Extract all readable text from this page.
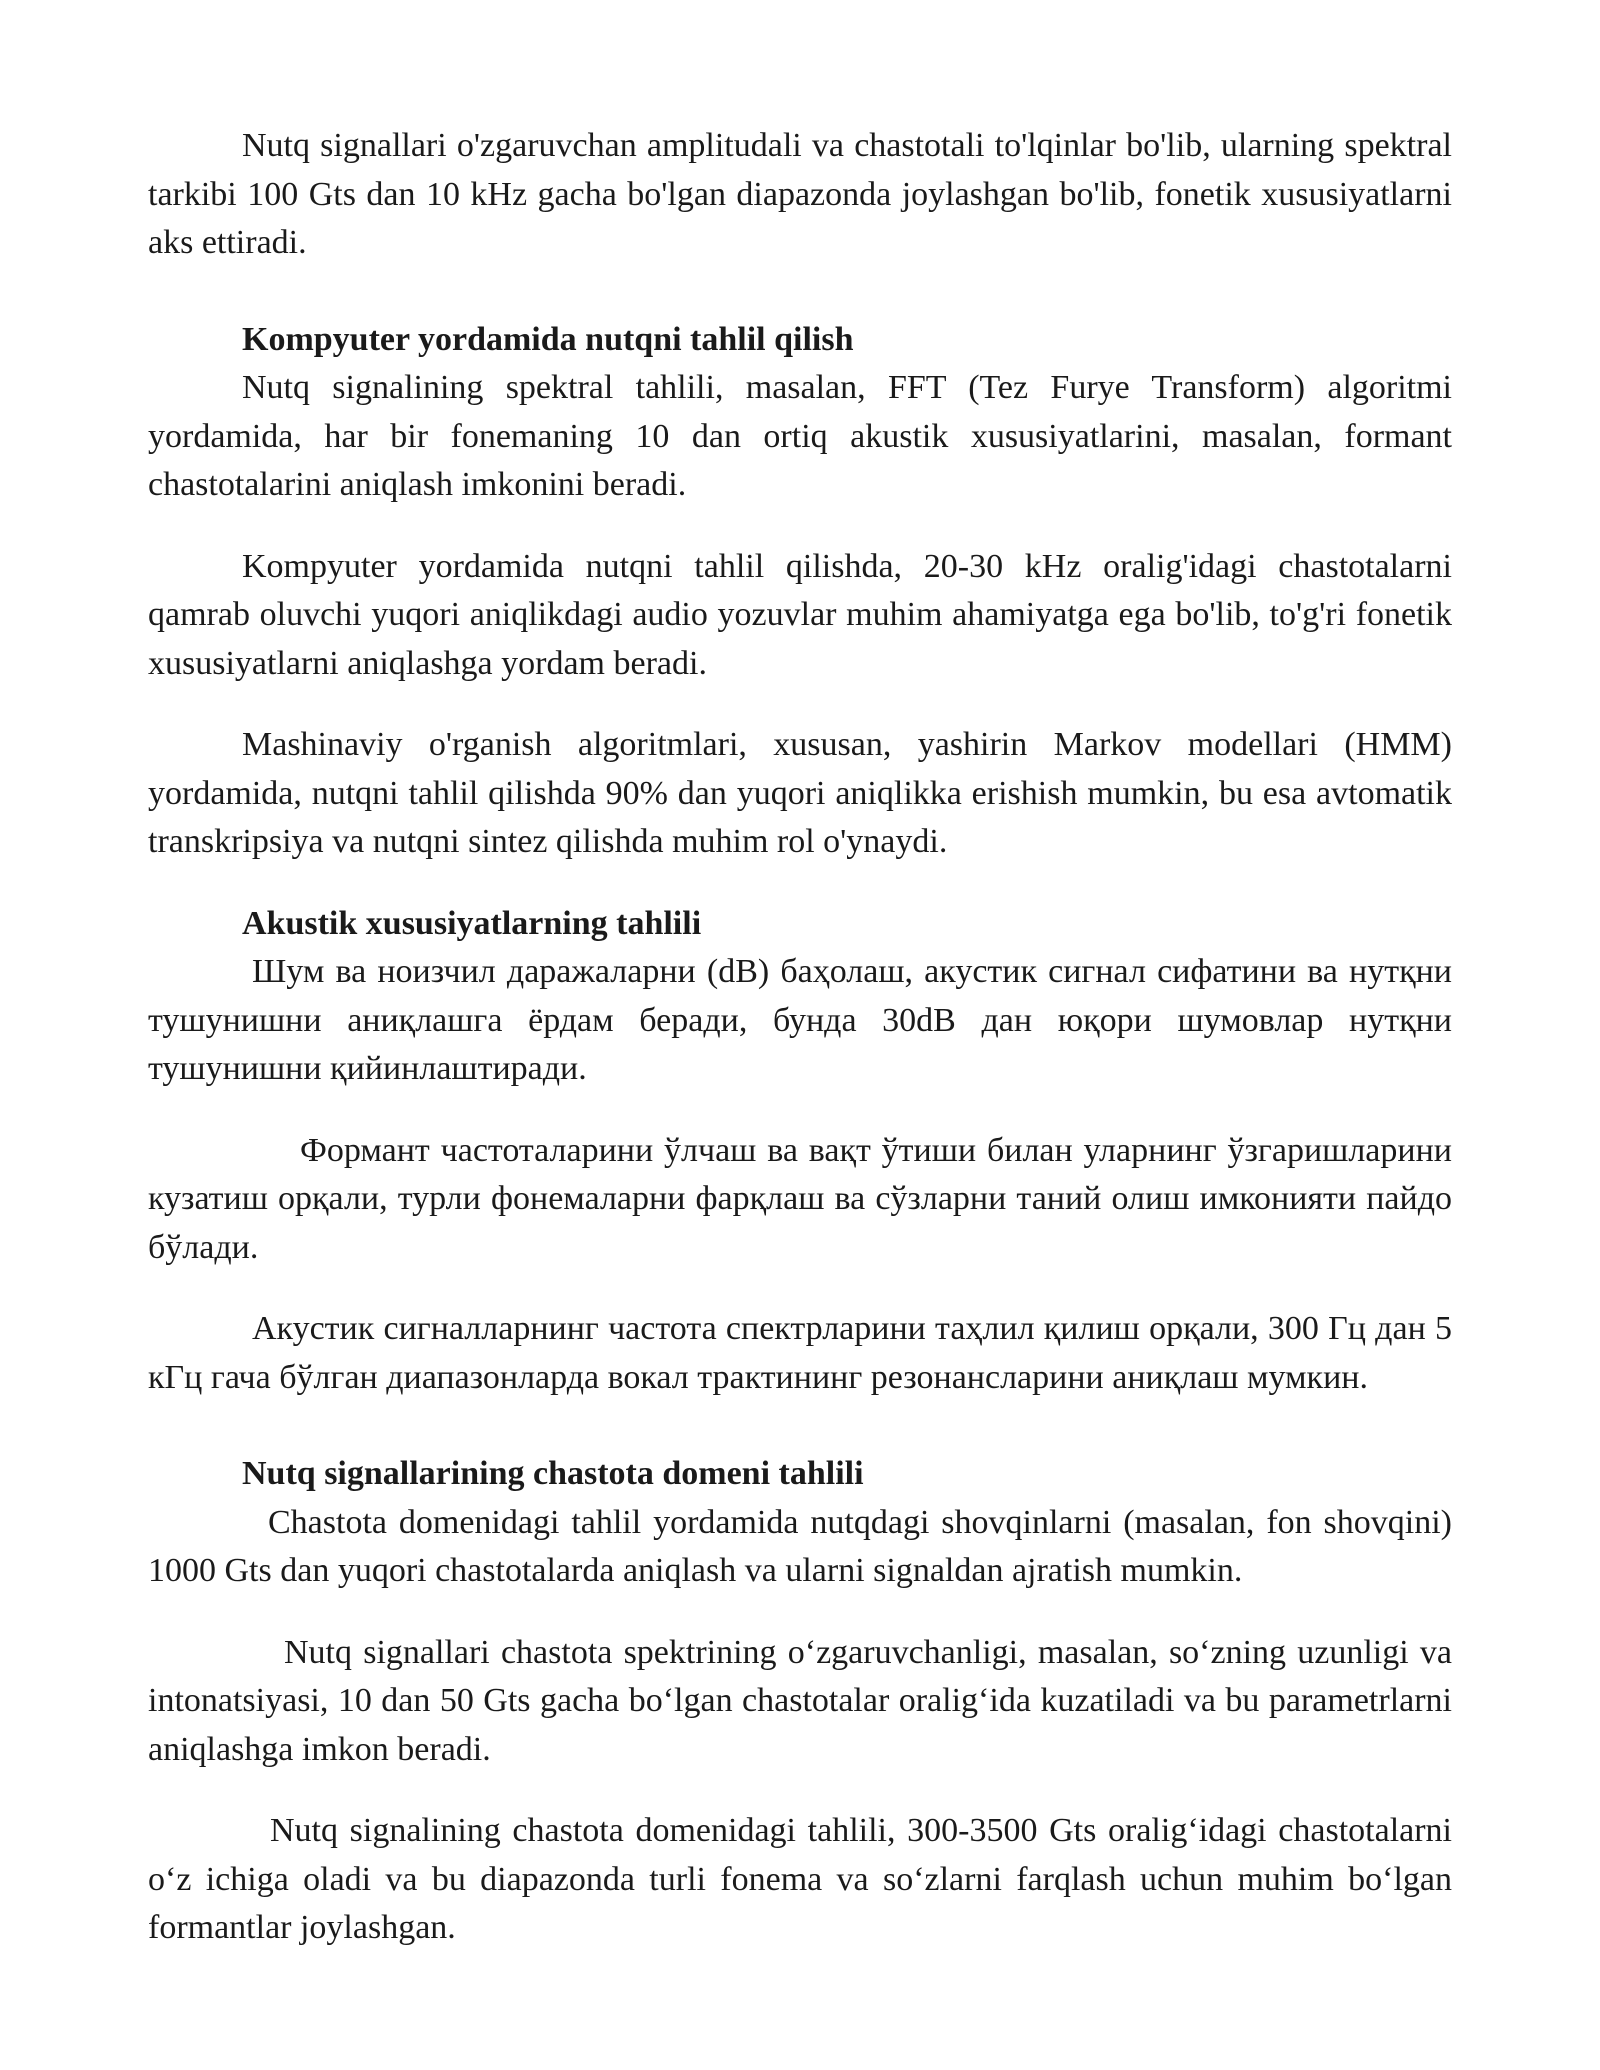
Nutq signallari o'zgaruvchan amplitudali va chastotali to'lqinlar bo'lib, ularning spektral tarkibi 100 Gts dan 10 kHz gacha bo'lgan diapazonda joylashgan bo'lib, fonetik xususiyatlarni aks ettiradi.

Kompyuter yordamida nutqni tahlil qilish

Nutq signalining spektral tahlili, masalan, FFT (Tez Furye Transform) algoritmi yordamida, har bir fonemaning 10 dan ortiq akustik xususiyatlarini, masalan, formant chastotalarini aniqlash imkonini beradi.

Kompyuter yordamida nutqni tahlil qilishda, 20-30 kHz oralig'idagi chastotalarni qamrab oluvchi yuqori aniqlikdagi audio yozuvlar muhim ahamiyatga ega bo'lib, to'g'ri fonetik xususiyatlarni aniqlashga yordam beradi.

Mashinaviy o'rganish algoritmlari, xususan, yashirin Markov modellari (HMM) yordamida, nutqni tahlil qilishda 90% dan yuqori aniqlikka erishish mumkin, bu esa avtomatik transkripsiya va nutqni sintez qilishda muhim rol o'ynaydi.

Akustik xususiyatlarning tahlili

Шум ва ноизчил даражаларни (dB) баҳолаш, акустик сигнал сифатини ва нутқни тушунишни аниқлашга ёрдам беради, бунда 30dB дан юқори шумовлар нутқни тушунишни қийинлаштиради.

Формант частоталарини ўлчаш ва вақт ўтиши билан уларнинг ўзгаришларини кузатиш орқали, турли фонемаларни фарқлаш ва сўзларни таний олиш имконияти пайдо бўлади.

Акустик сигналларнинг частота спектрларини таҳлил қилиш орқали, 300 Гц дан 5 кГц гача бўлган диапазонларда вокал трактининг резонансларини аниқлаш мумкин.

Nutq signallarining chastota domeni tahlili

Chastota domenidagi tahlil yordamida nutqdagi shovqinlarni (masalan, fon shovqini) 1000 Gts dan yuqori chastotalarda aniqlash va ularni signaldan ajratish mumkin.

Nutq signallari chastota spektrining oʻzgaruvchanligi, masalan, soʻzning uzunligi va intonatsiyasi, 10 dan 50 Gts gacha boʻlgan chastotalar oraligʻida kuzatiladi va bu parametrlarni aniqlashga imkon beradi.

Nutq signalining chastota domenidagi tahlili, 300-3500 Gts oraligʻidagi chastotalarni oʻz ichiga oladi va bu diapazonda turli fonema va soʻzlarni farqlash uchun muhim boʻlgan formantlar joylashgan.
